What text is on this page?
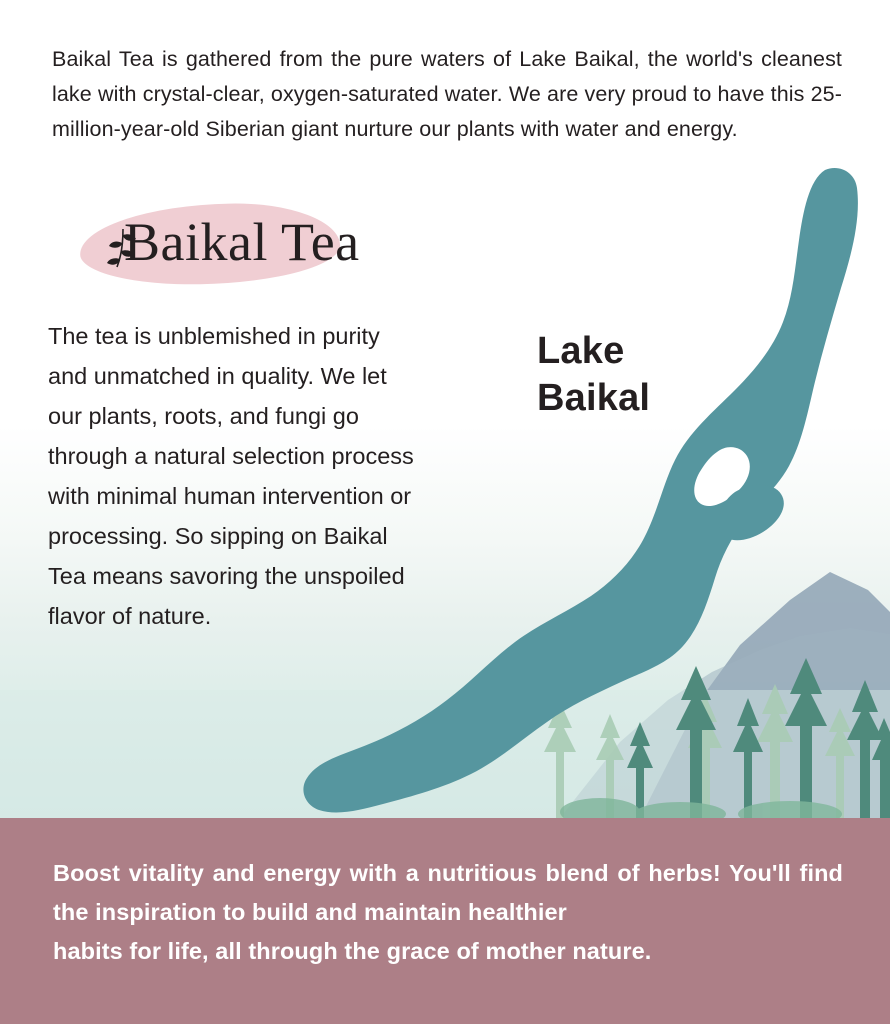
Baikal Tea is gathered from the pure waters of Lake Baikal, the world's cleanest lake with crystal-clear, oxygen-saturated water. We are very proud to have this 25-million-year-old Siberian giant nurture our plants with water and energy.
Baikal Tea
The tea is unblemished in purity and unmatched in quality. We let our plants, roots, and fungi go through a natural selection process with minimal human intervention or processing. So sipping on Baikal Tea means savoring the unspoiled flavor of nature.
Lake
Baikal
Boost vitality and energy with a nutritious blend of herbs! You'll find the inspiration to build and maintain healthier
habits for life, all through the grace of mother nature.
